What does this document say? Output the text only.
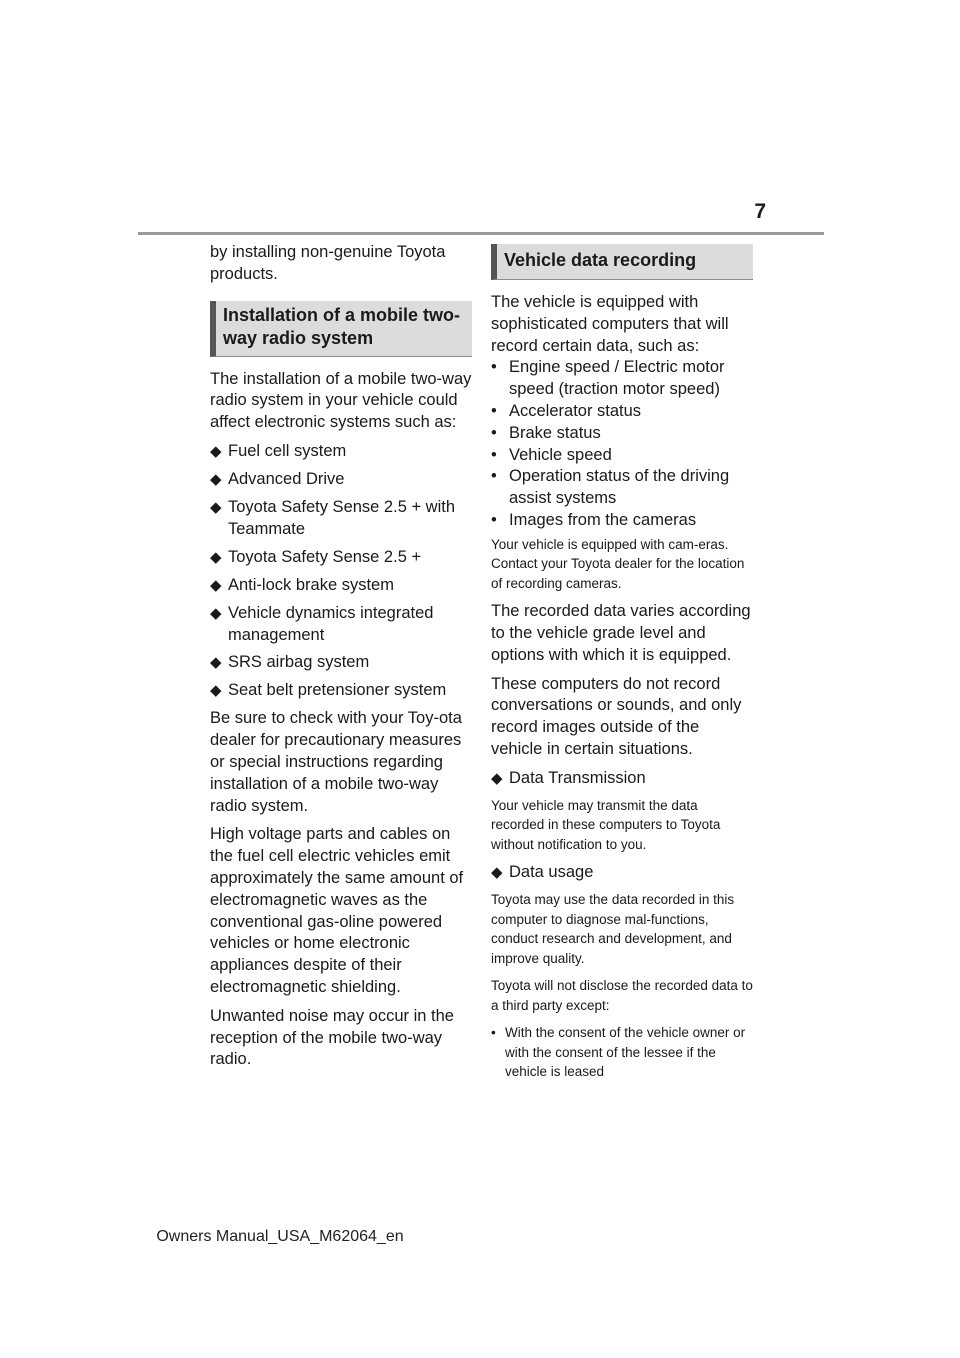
7

by installing non-genuine Toyota products.

Installation of a mobile two-way radio system

The installation of a mobile two-way radio system in your vehicle could affect electronic systems such as:

◆ Fuel cell system
◆ Advanced Drive
◆ Toyota Safety Sense 2.5 + with Teammate
◆ Toyota Safety Sense 2.5 +
◆ Anti-lock brake system
◆ Vehicle dynamics integrated management
◆ SRS airbag system
◆ Seat belt pretensioner system

Be sure to check with your Toy-ota dealer for precautionary measures or special instructions regarding installation of a mobile two-way radio system.

High voltage parts and cables on the fuel cell electric vehicles emit approximately the same amount of electromagnetic waves as the conventional gas-oline powered vehicles or home electronic appliances despite of their electromagnetic shielding.

Unwanted noise may occur in the reception of the mobile two-way radio.

Vehicle data recording

The vehicle is equipped with sophisticated computers that will record certain data, such as:

• Engine speed / Electric motor speed (traction motor speed)
• Accelerator status
• Brake status
• Vehicle speed
• Operation status of the driving assist systems
• Images from the cameras

Your vehicle is equipped with cam-eras. Contact your Toyota dealer for the location of recording cameras.

The recorded data varies according to the vehicle grade level and options with which it is equipped.

These computers do not record conversations or sounds, and only record images outside of the vehicle in certain situations.

◆ Data Transmission

Your vehicle may transmit the data recorded in these computers to Toyota without notification to you.

◆ Data usage

Toyota may use the data recorded in this computer to diagnose mal-functions, conduct research and development, and improve quality.

Toyota will not disclose the recorded data to a third party except:

• With the consent of the vehicle owner or with the consent of the lessee if the vehicle is leased
Owners Manual_USA_M62064_en
